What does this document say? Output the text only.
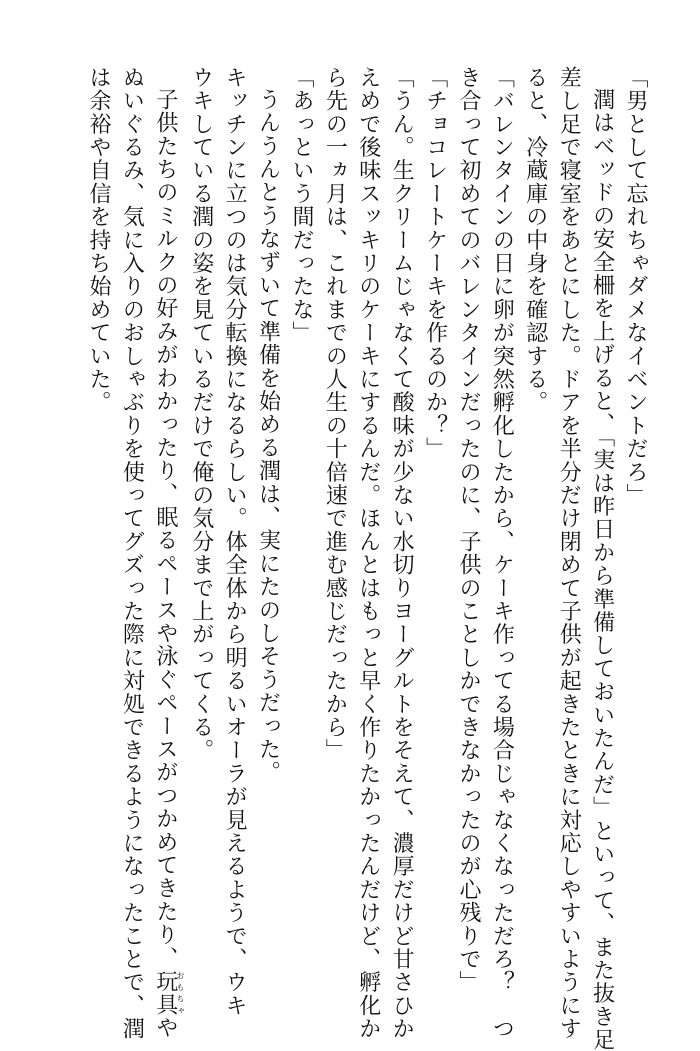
「男として忘れちゃダメなイベントだろ」
潤はベッドの安全柵を上げると、「実は昨日から準備しておいたんだ」といって、また抜き足
差し足で寝室をあとにした。ドアを半分だけ閉めて子供が起きたときに対応しやすいようにす
ると、冷蔵庫の中身を確認する。
「バレンタインの日に卵が突然孵化したから、ケーキ作ってる場合じゃなくなっただろ？　つ
き合って初めてのバレンタインだったのに、子供のことしかできなかったのが心残りで」
「チョコレートケーキを作るのか？」
「うん。生クリームじゃなくて酸味が少ない水切りヨーグルトをそえて、濃厚だけど甘さひか
えめで後味スッキリのケーキにするんだ。ほんとはもっと早く作りたかったんだけど、孵化か
ら先の一ヵ月は、これまでの人生の十倍速で進む感じだったから」
「あっという間だったな」
うんうんとうなずいて準備を始める潤は、実にたのしそうだった。
キッチンに立つのは気分転換になるらしい。体全体から明るいオーラが見えるようで、ウキ
ウキしている潤の姿を見ているだけで俺の気分まで上がってくる。
子供たちのミルクの好みがわかったり、眠るペースや泳ぐペースがつかめてきたり、玩具おもちゃや
ぬいぐるみ、気に入りのおしゃぶりを使ってグズった際に対処できるようになったことで、潤
は余裕や自信を持ち始めていた。
